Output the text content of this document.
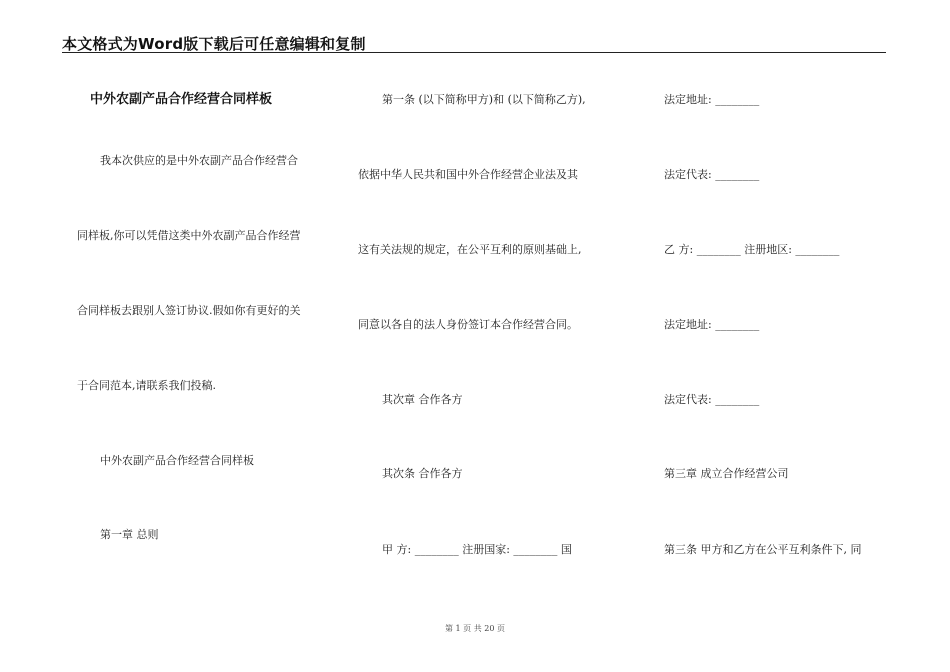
本文格式为Word版下载后可任意编辑和复制
中外农副产品合作经营合同样板
我本次供应的是中外农副产品合作经营合
同样板,你可以凭借这类中外农副产品合作经营
合同样板去跟别人签订协议.假如你有更好的关
于合同范本,请联系我们投稿.
中外农副产品合作经营合同样板
第一章 总则
第一条 (以下简称甲方)和 (以下简称乙方),
依据中华人民共和国中外合作经营企业法及其
这有关法规的规定，在公平互利的原则基础上,
同意以各自的法人身份签订本合作经营合同。
其次章 合作各方
其次条 合作各方
甲 方: ________ 注册国家: ________ 国
法定地址: ________
法定代表: ________
乙 方: ________ 注册地区: ________
法定地址: ________
法定代表: ________
第三章 成立合作经营公司
第三条 甲方和乙方在公平互利条件下, 同
第 1 页 共 20 页
